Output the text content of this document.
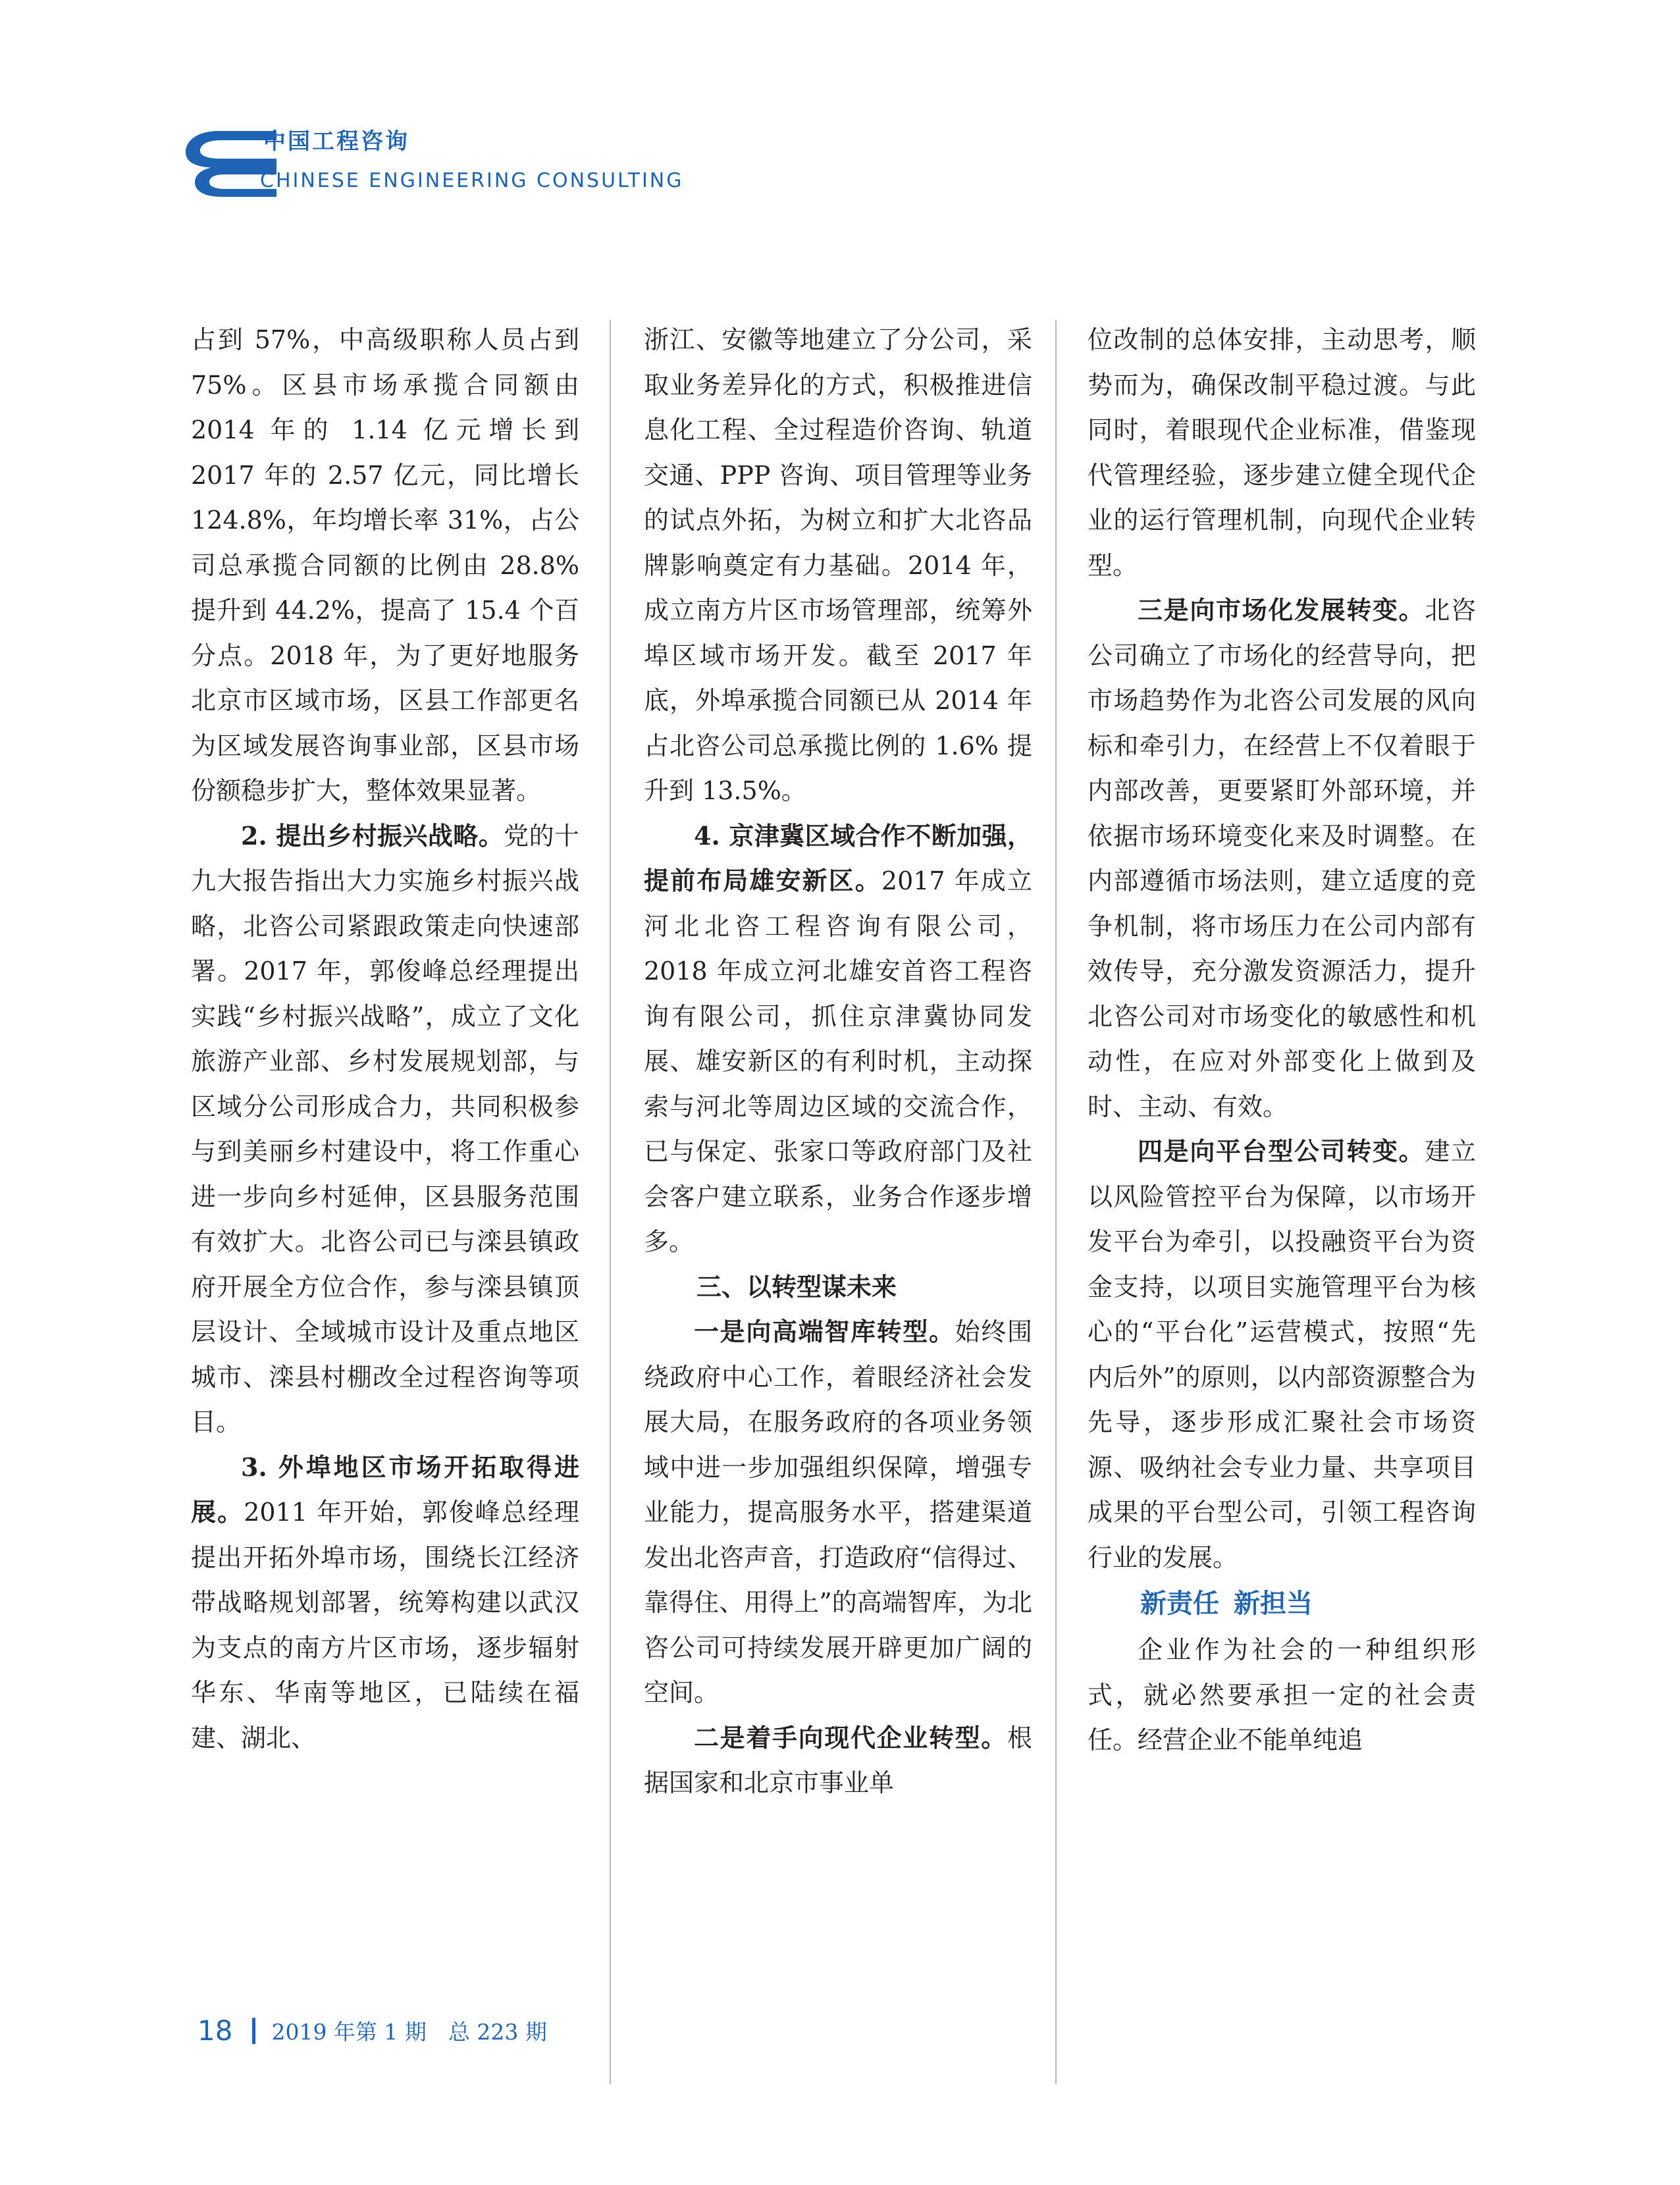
中国工程咨询
CHINESE ENGINEERING CONSULTING

占到 57%，中高级职称人员占到 75%。区县市场承揽合同额由 2014 年的 1.14 亿元增长到 2017 年的 2.57 亿元，同比增长 124.8%，年均增长率 31%，占公司总承揽合同额的比例由 28.8% 提升到 44.2%，提高了 15.4 个百分点。2018 年，为了更好地服务北京市区域市场，区县工作部更名为区域发展咨询事业部，区县市场份额稳步扩大，整体效果显著。

2. 提出乡村振兴战略。党的十九大报告指出大力实施乡村振兴战略，北咨公司紧跟政策走向快速部署。2017 年，郭俊峰总经理提出实践“乡村振兴战略”，成立了文化旅游产业部、乡村发展规划部，与区域分公司形成合力，共同积极参与到美丽乡村建设中，将工作重心进一步向乡村延伸，区县服务范围有效扩大。北咨公司已与滦县镇政府开展全方位合作，参与滦县镇顶层设计、全域城市设计及重点地区城市、滦县村棚改全过程咨询等项目。

3. 外埠地区市场开拓取得进展。2011 年开始，郭俊峰总经理提出开拓外埠市场，围绕长江经济带战略规划部署，统筹构建以武汉为支点的南方片区市场，逐步辐射华东、华南等地区，已陆续在福建、湖北、

浙江、安徽等地建立了分公司，采取业务差异化的方式，积极推进信息化工程、全过程造价咨询、轨道交通、PPP 咨询、项目管理等业务的试点外拓，为树立和扩大北咨品牌影响奠定有力基础。2014 年，成立南方片区市场管理部，统筹外埠区域市场开发。截至 2017 年底，外埠承揽合同额已从 2014 年占北咨公司总承揽比例的 1.6% 提升到 13.5%。

4. 京津冀区域合作不断加强，提前布局雄安新区。2017 年成立河北北咨工程咨询有限公司，2018 年成立河北雄安首咨工程咨询有限公司，抓住京津冀协同发展、雄安新区的有利时机，主动探索与河北等周边区域的交流合作，已与保定、张家口等政府部门及社会客户建立联系，业务合作逐步增多。

三、以转型谋未来

一是向高端智库转型。始终围绕政府中心工作，着眼经济社会发展大局，在服务政府的各项业务领域中进一步加强组织保障，增强专业能力，提高服务水平，搭建渠道发出北咨声音，打造政府“信得过、靠得住、用得上”的高端智库，为北咨公司可持续发展开辟更加广阔的空间。

二是着手向现代企业转型。根据国家和北京市事业单

位改制的总体安排，主动思考，顺势而为，确保改制平稳过渡。与此同时，着眼现代企业标准，借鉴现代管理经验，逐步建立健全现代企业的运行管理机制，向现代企业转型。

三是向市场化发展转变。北咨公司确立了市场化的经营导向，把市场趋势作为北咨公司发展的风向标和牵引力，在经营上不仅着眼于内部改善，更要紧盯外部环境，并依据市场环境变化来及时调整。在内部遵循市场法则，建立适度的竞争机制，将市场压力在公司内部有效传导，充分激发资源活力，提升北咨公司对市场变化的敏感性和机动性，在应对外部变化上做到及时、主动、有效。

四是向平台型公司转变。建立以风险管控平台为保障，以市场开发平台为牵引，以投融资平台为资金支持，以项目实施管理平台为核心的“平台化”运营模式，按照“先内后外”的原则，以内部资源整合为先导，逐步形成汇聚社会市场资源、吸纳社会专业力量、共享项目成果的平台型公司，引领工程咨询行业的发展。

新责任 新担当

企业作为社会的一种组织形式，就必然要承担一定的社会责任。经营企业不能单纯追

18 2019 年第 1 期　总 223 期
